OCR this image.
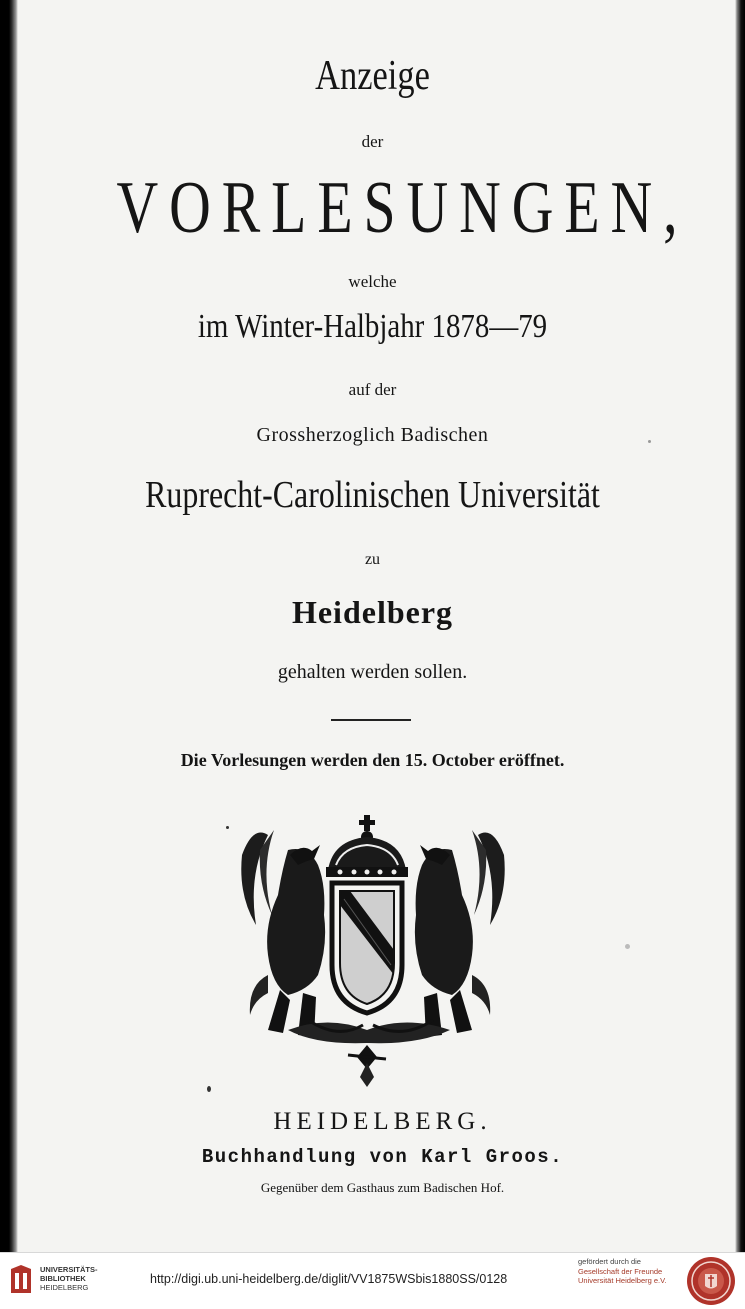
Anzeige
der
VORLESUNGEN,
welche
im Winter-Halbjahr 1878—79
auf der
Grossherzoglich Badischen
Ruprecht-Carolinischen Universität
zu
Heidelberg
gehalten werden sollen.
Die Vorlesungen werden den 15. October eröffnet.
HEIDELBERG.
Buchhandlung von Karl Groos.
Gegenüber dem Gasthaus zum Badischen Hof.
UNIVERSITÄTS-
BIBLIOTHEK
HEIDELBERG
http://digi.ub.uni-heidelberg.de/diglit/VV1875WSbis1880SS/0128
gefördert durch die
Gesellschaft der Freunde
Universität Heidelberg e.V.
